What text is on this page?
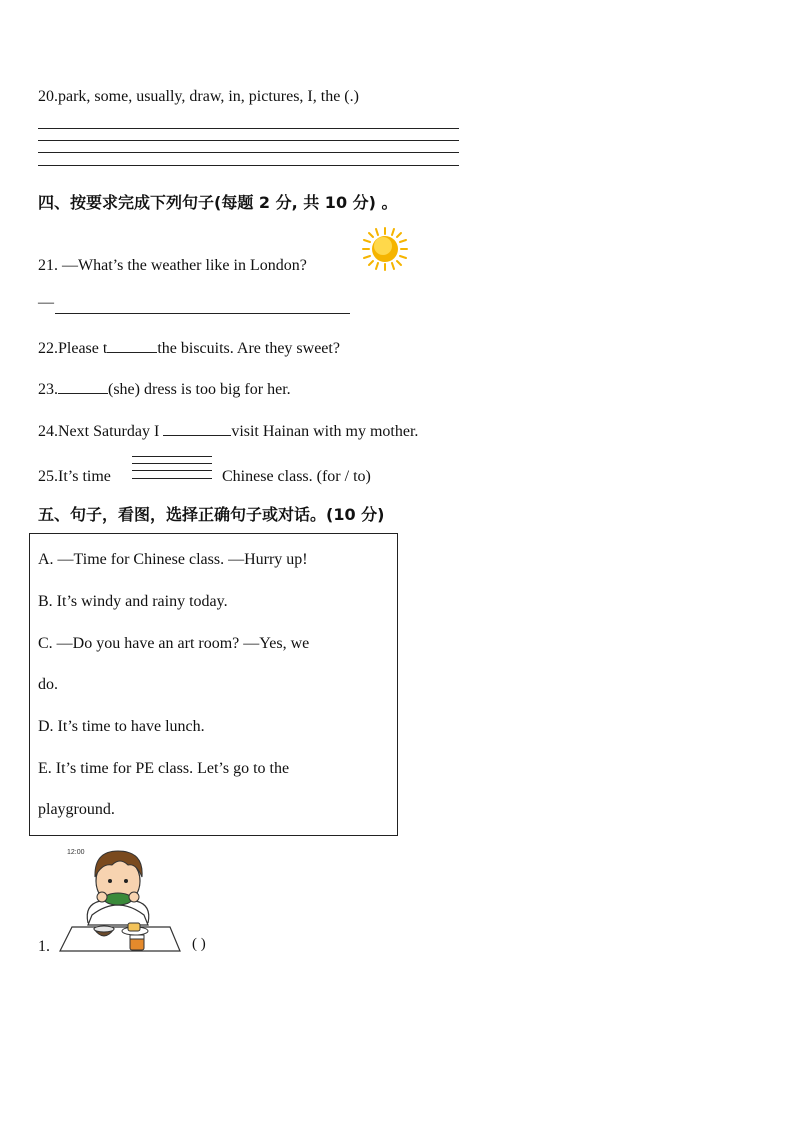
20.park, some, usually, draw, in, pictures, I, the (.)
四、按要求完成下列句子(每题 2 分, 共 10 分) 。
21. —What’s the weather like in London?
—
22.Please t	the biscuits. Are they sweet?
23.	(she) dress is too big for her.
24.Next Saturday I	visit Hainan with my mother.
25.It’s time	Chinese class. (for / to)
五、句子，看图，选择正确句子或对话。(10 分)
A. —Time for Chinese class. —Hurry up!
B. It’s windy and rainy today.
C. —Do you have an art room? —Yes, we
do.
D. It’s time to have lunch.
E. It’s time for PE class. Let’s go to the
playground.
1.
12:00
( )
